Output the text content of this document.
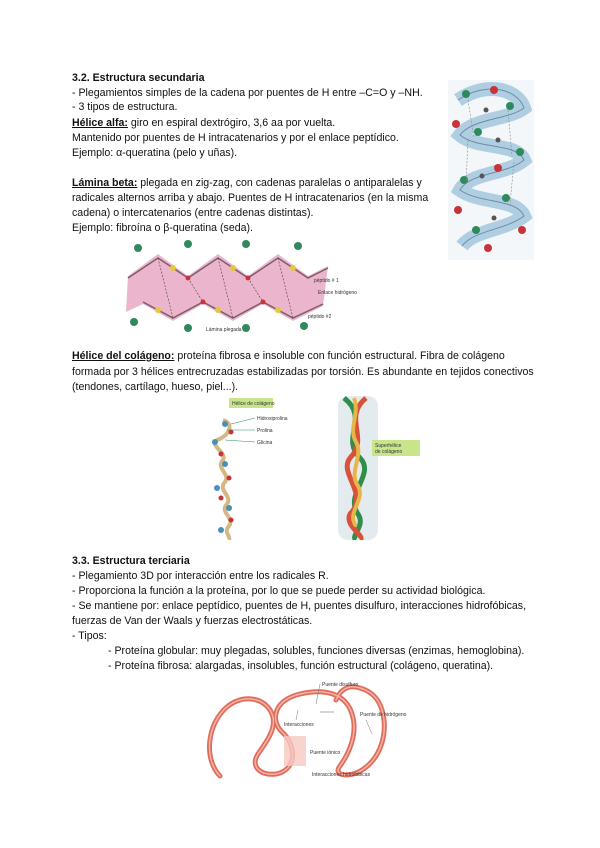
3.2. Estructura secundaria

- Plegamientos simples de la cadena por puentes de H entre –C=O y –NH.

- 3 tipos de estructura.

Hélice alfa: giro en espiral dextrógiro, 3,6 aa por vuelta.

Mantenido por puentes de H intracatenarios y por el enlace peptídico.

Ejemplo: α-queratina (pelo y uñas).

Lámina beta: plegada en zig-zag, con cadenas paralelas o antiparalelas y

radicales alternos arriba y abajo. Puentes de H intracatenarios (en la misma

cadena) o intercatenarios (entre cadenas distintas).

Ejemplo: fibroína o β-queratina (seda).

Lámina plegada
péptido # 1
Enlace hidrógeno
péptido #2

Hélice del colágeno: proteína fibrosa e insoluble con función estructural. Fibra de colágeno

formada por 3 hélices entrecruzadas estabilizadas por torsión. Es abundante en tejidos conectivos

(tendones, cartílago, hueso, piel...).

Hélice de colágeno
Hidroxiprolina
Prolina
Glicina	Superhélice
de colágeno

3.3. Estructura terciaria

- Plegamiento 3D por interacción entre los radicales R.

- Proporciona la función a la proteína, por lo que se puede perder su actividad biológica.

- Se mantiene por: enlace peptídico, puentes de H, puentes disulfuro, interacciones hidrofóbicas,

fuerzas de Van der Waals y fuerzas electrostáticas.

- Tipos:

- Proteína globular: muy plegadas, solubles, funciones diversas (enzimas, hemoglobina).

- Proteína fibrosa: alargadas, insolubles, función estructural (colágeno, queratina).

Puente disulfuro
Interacciones
Puente de hidrógeno
Puente iónico
Interacciones hidrofóbicas
